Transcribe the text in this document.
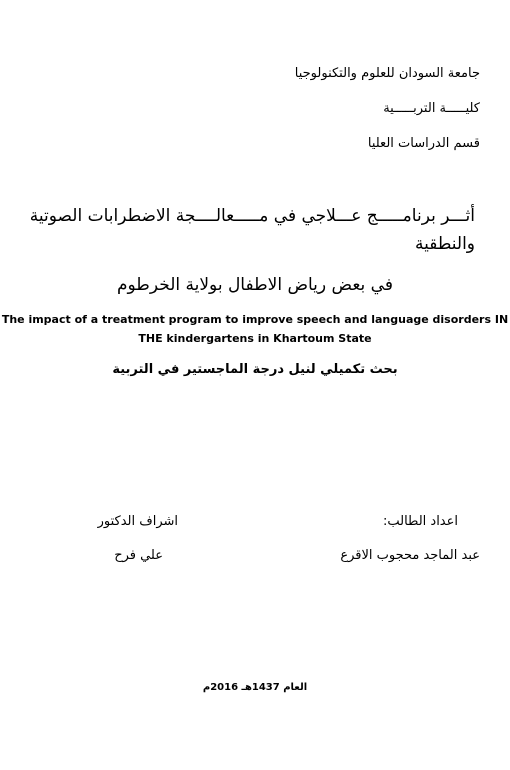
جامعة السودان للعلوم والتكنولوجيا
كليـــــة التربـــــية
قسم الدراسات العليا
أثـــر برنامـــــج عـــلاجي في مـــــعالــــجة الاضطرابات الصوتية
والنطقية
في بعض رياض الاطفال بولاية الخرطوم
The impact of a treatment program to improve speech and language disorders IN THE kindergartens in Khartoum State
بحث تكميلي لنيل درجة الماجستير في التربية
اعداد الطالب:
عبد الماجد محجوب الاقرع
اشراف الدكتور
علي فرح
العام 1437هـ 2016م
